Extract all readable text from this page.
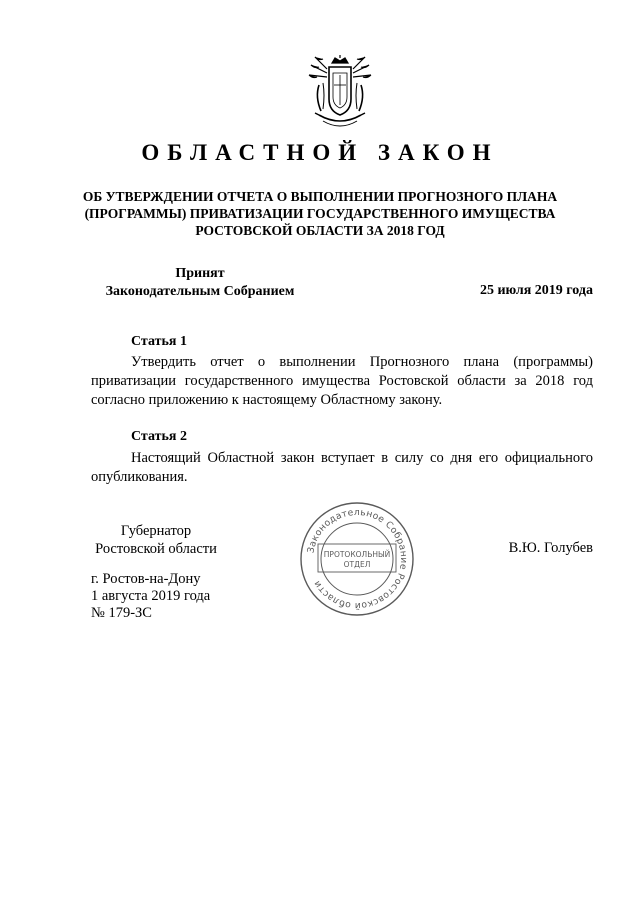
ОБЛАСТНОЙ ЗАКОН
ОБ УТВЕРЖДЕНИИ ОТЧЕТА О ВЫПОЛНЕНИИ ПРОГНОЗНОГО ПЛАНА
(ПРОГРАММЫ) ПРИВАТИЗАЦИИ ГОСУДАРСТВЕННОГО ИМУЩЕСТВА
РОСТОВСКОЙ ОБЛАСТИ ЗА 2018 ГОД
Принят
Законодательным Собранием	25 июля 2019 года
Статья 1
Утвердить отчет о выполнении Прогнозного плана (программы) приватизации государственного имущества Ростовской области за 2018 год согласно приложению к настоящему Областному закону.
Статья 2
Настоящий Областной закон вступает в силу со дня его официального опубликования.
Губернатор
Ростовской области	Законодательное Собрание Ростовской области
ПРОТОКОЛЬНЫЙ
ОТДЕЛ
В.Ю. Голубев
г. Ростов-на-Дону
1 августа 2019 года
№ 179-ЗС
